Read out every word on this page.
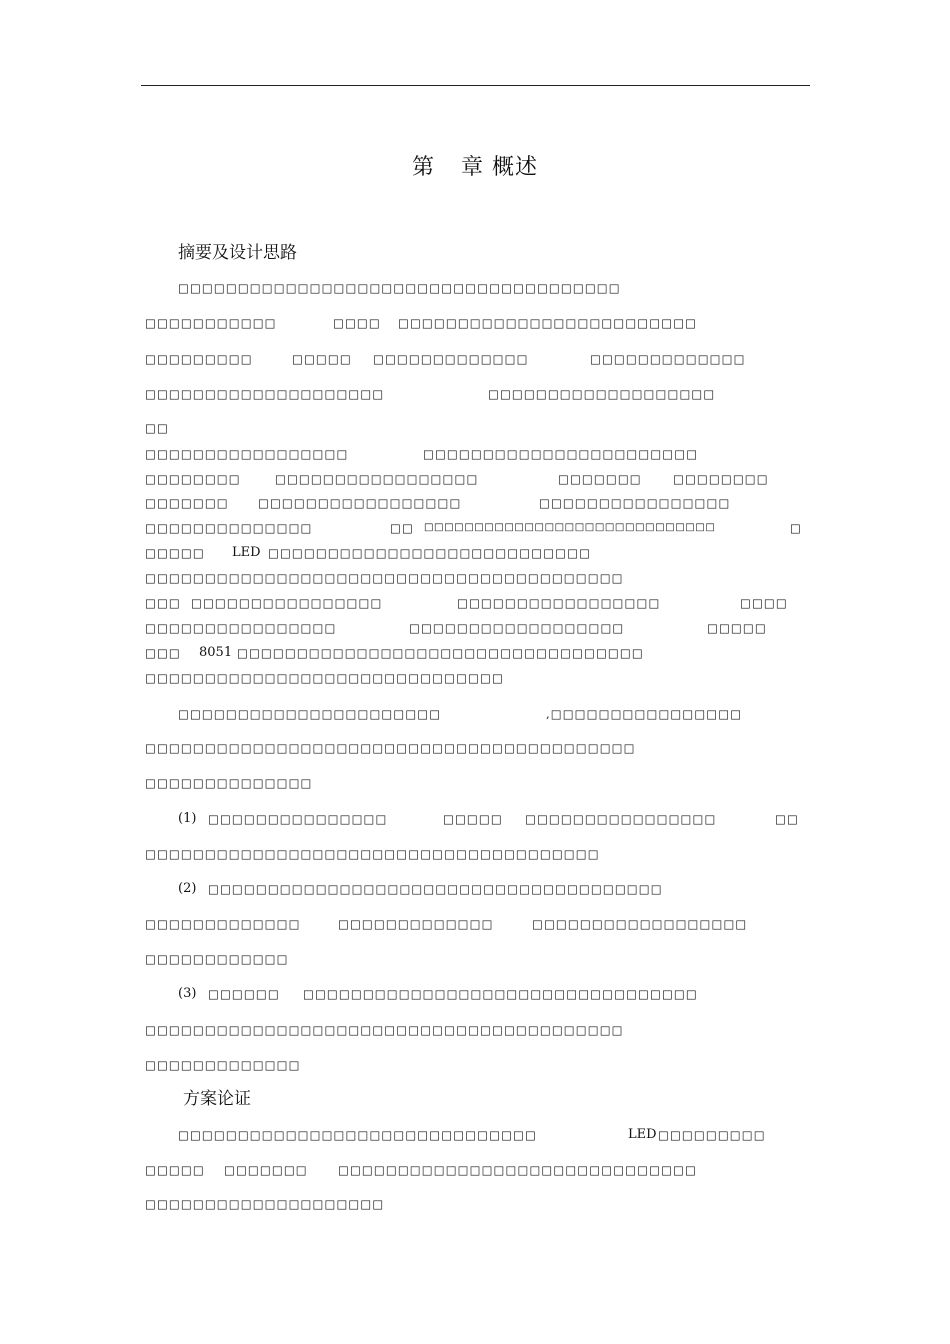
第 章 概述
摘要及设计思路
方案论证
□□□□□□□□□□□□□□□□□□□□□□□□□□□□□□□□□□□□□
□□□□□□□□□□□	□□□□ □□□□□□□□□□□□□□□□□□□□□□□□□
□□□□□□□□□	□□□□□ □□□□□□□□□□□□□	□□□□□□□□□□□□□
□□□□□□□□□□□□□□□□□□□□	□□□□□□□□□□□□□□□□□□□
□□
□□□□□□□□□□□□□□□□□	□□□□□□□□□□□□□□□□□□□□□□□
□□□□□□□□	□□□□□□□□□□□□□□□□□	□□□□□□□	□□□□□□□□
□□□□□□□	□□□□□□□□□□□□□□□□□	□□□□□□□□□□□□□□□□
□□□□□□□□□□□□□□	□□ □□□□□□□□□□□□□□□□□□□□□□□□□□□□□	□
□□□□□ LED □□□□□□□□□□□□□□□□□□□□□□□□□□□
□□□□□□□□□□□□□□□□□□□□□□□□□□□□□□□□□□□□□□□□
□□□ □□□□□□□□□□□□□□□□	□□□□□□□□□□□□□□□□□	□□□□
□□□□□□□□□□□□□□□□	□□□□□□□□□□□□□□□□□□	□□□□□
□□□ 8051 □□□□□□□□□□□□□□□□□□□□□□□□□□□□□□□□□□
□□□□□□□□□□□□□□□□□□□□□□□□□□□□□□
□□□□□□□□□□□□□□□□□□□□□□	,□□□□□□□□□□□□□□□□
□□□□□□□□□□□□□□□□□□□□□□□□□□□□□□□□□□□□□□□□□
□□□□□□□□□□□□□□
(1) □□□□□□□□□□□□□□□	□□□□□ □□□□□□□□□□□□□□□□	□□
□□□□□□□□□□□□□□□□□□□□□□□□□□□□□□□□□□□□□□
(2) □□□□□□□□□□□□□□□□□□□□□□□□□□□□□□□□□□□□□□
□□□□□□□□□□□□□	□□□□□□□□□□□□□	□□□□□□□□□□□□□□□□□□
□□□□□□□□□□□□
(3) □□□□□□ □□□□□□□□□□□□□□□□□□□□□□□□□□□□□□□□□
□□□□□□□□□□□□□□□□□□□□□□□□□□□□□□□□□□□□□□□□
□□□□□□□□□□□□□
□□□□□□□□□□□□□□□□□□□□□□□□□□□□□□	LED □□□□□□□□□
□□□□□ □□□□□□□	□□□□□□□□□□□□□□□□□□□□□□□□□□□□□□
□□□□□□□□□□□□□□□□□□□□
